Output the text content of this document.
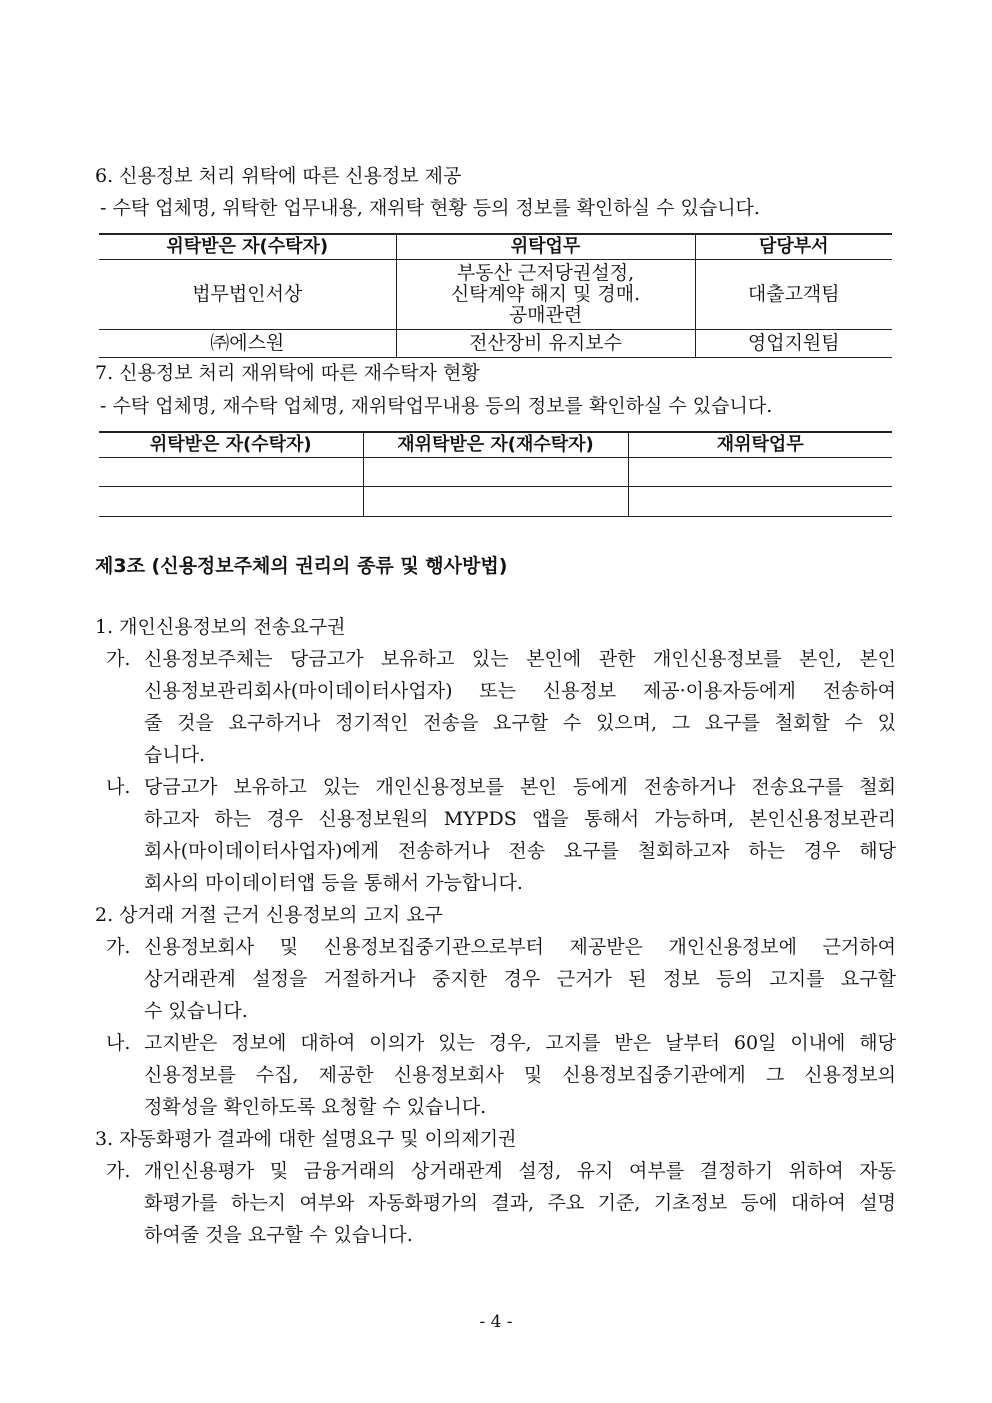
6. 신용정보 처리 위탁에 따른 신용정보 제공
- 수탁 업체명, 위탁한 업무내용, 재위탁 현황 등의 정보를 확인하실 수 있습니다.
위탁받은 자(수탁자)	위탁업무	담당부서
법무법인서상	부동산 근저당권설정,
신탁계약 해지 및 경매.
공매관련	대출고객팀
㈜에스원	전산장비 유지보수	영업지원팀
7. 신용정보 처리 재위탁에 따른 재수탁자 현황
- 수탁 업체명, 재수탁 업체명, 재위탁업무내용 등의 정보를 확인하실 수 있습니다.
위탁받은 자(수탁자)	재위탁받은 자(재수탁자)	재위탁업무

제3조 (신용정보주체의 권리의 종류 및 행사방법)
1. 개인신용정보의 전송요구권
가. 신용정보주체는 당금고가 보유하고 있는 본인에 관한 개인신용정보를 본인, 본인
신용정보관리회사(마이데이터사업자) 또는 신용정보 제공·이용자등에게 전송하여
줄 것을 요구하거나 정기적인 전송을 요구할 수 있으며, 그 요구를 철회할 수 있
습니다.
나. 당금고가 보유하고 있는 개인신용정보를 본인 등에게 전송하거나 전송요구를 철회
하고자 하는 경우 신용정보원의 MYPDS 앱을 통해서 가능하며, 본인신용정보관리
회사(마이데이터사업자)에게 전송하거나 전송 요구를 철회하고자 하는 경우 해당
회사의 마이데이터앱 등을 통해서 가능합니다.
2. 상거래 거절 근거 신용정보의 고지 요구
가. 신용정보회사 및 신용정보집중기관으로부터 제공받은 개인신용정보에 근거하여
상거래관계 설정을 거절하거나 중지한 경우 근거가 된 정보 등의 고지를 요구할
수 있습니다.
나. 고지받은 정보에 대하여 이의가 있는 경우, 고지를 받은 날부터 60일 이내에 해당
신용정보를 수집, 제공한 신용정보회사 및 신용정보집중기관에게 그 신용정보의
정확성을 확인하도록 요청할 수 있습니다.
3. 자동화평가 결과에 대한 설명요구 및 이의제기권
가. 개인신용평가 및 금융거래의 상거래관계 설정, 유지 여부를 결정하기 위하여 자동
화평가를 하는지 여부와 자동화평가의 결과, 주요 기준, 기초정보 등에 대하여 설명
하여줄 것을 요구할 수 있습니다.
- 4 -
